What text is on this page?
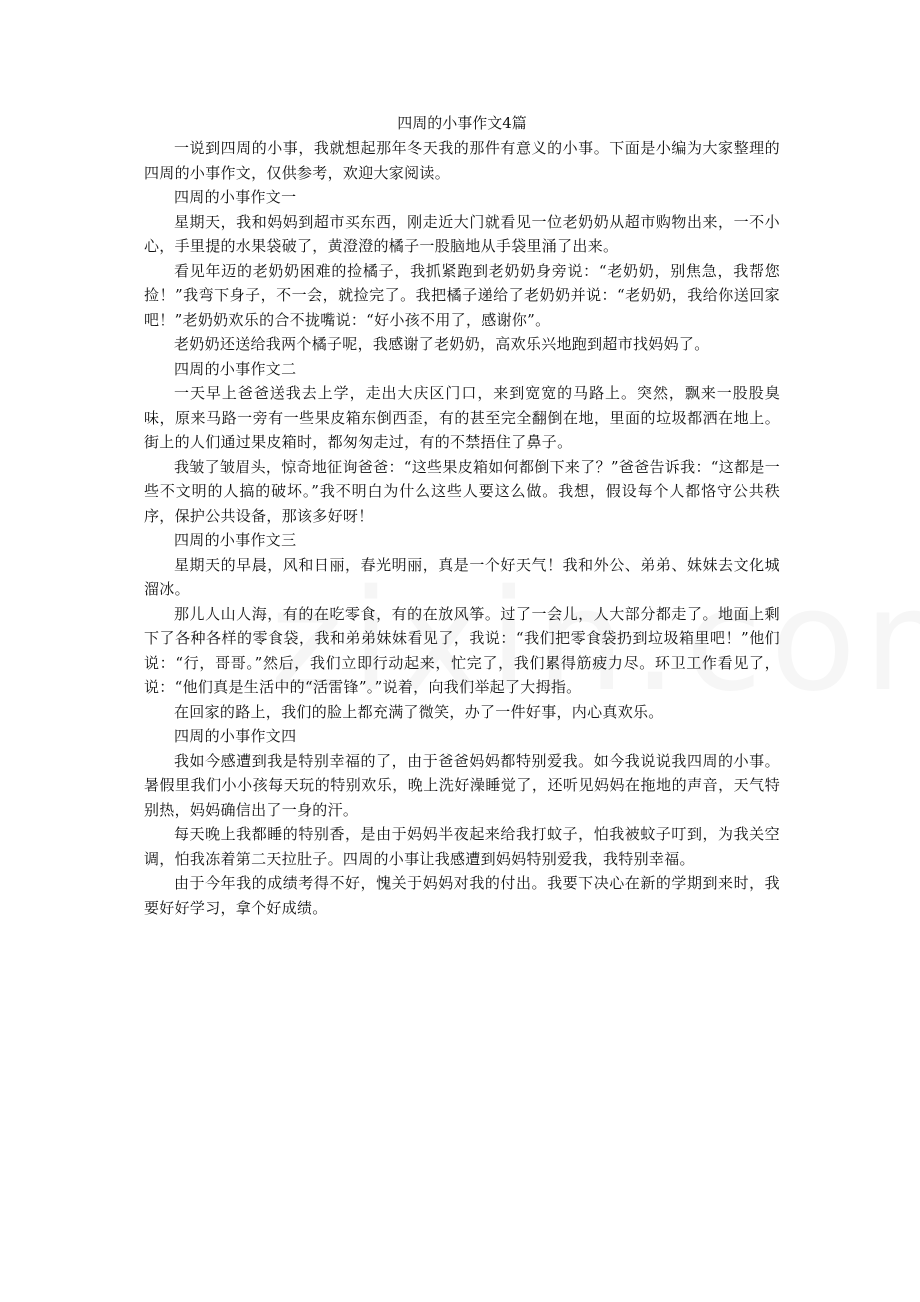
四周的小事作文4篇

一说到四周的小事，我就想起那年冬天我的那件有意义的小事。下面是小编为大家整理的四周的小事作文，仅供参考，欢迎大家阅读。

四周的小事作文一

星期天，我和妈妈到超市买东西，刚走近大门就看见一位老奶奶从超市购物出来，一不小心，手里提的水果袋破了，黄澄澄的橘子一股脑地从手袋里涌了出来。

看见年迈的老奶奶困难的捡橘子，我抓紧跑到老奶奶身旁说：“老奶奶，别焦急，我帮您捡！”我弯下身子，不一会，就捡完了。我把橘子递给了老奶奶并说：“老奶奶，我给你送回家吧！”老奶奶欢乐的合不拢嘴说：“好小孩不用了，感谢你”。

老奶奶还送给我两个橘子呢，我感谢了老奶奶，高欢乐兴地跑到超市找妈妈了。

四周的小事作文二

一天早上爸爸送我去上学，走出大庆区门口，来到宽宽的马路上。突然，飘来一股股臭味，原来马路一旁有一些果皮箱东倒西歪，有的甚至完全翻倒在地，里面的垃圾都洒在地上。街上的人们通过果皮箱时，都匆匆走过，有的不禁捂住了鼻子。

我皱了皱眉头，惊奇地征询爸爸：“这些果皮箱如何都倒下来了？”爸爸告诉我：“这都是一些不文明的人搞的破坏。”我不明白为什么这些人要这么做。我想，假设每个人都恪守公共秩序，保护公共设备，那该多好呀！

四周的小事作文三

星期天的早晨，风和日丽，春光明丽，真是一个好天气！我和外公、弟弟、妹妹去文化城溜冰。

那儿人山人海，有的在吃零食，有的在放风筝。过了一会儿，人大部分都走了。地面上剩下了各种各样的零食袋，我和弟弟妹妹看见了，我说：“我们把零食袋扔到垃圾箱里吧！”他们说：“行，哥哥。”然后，我们立即行动起来，忙完了，我们累得筋疲力尽。环卫工作看见了，说：“他们真是生活中的“活雷锋”。”说着，向我们举起了大拇指。

在回家的路上，我们的脸上都充满了微笑，办了一件好事，内心真欢乐。

四周的小事作文四

我如今感遭到我是特别幸福的了，由于爸爸妈妈都特别爱我。如今我说说我四周的小事。暑假里我们小小孩每天玩的特别欢乐，晚上洗好澡睡觉了，还听见妈妈在拖地的声音，天气特别热，妈妈确信出了一身的汗。

每天晚上我都睡的特别香，是由于妈妈半夜起来给我打蚊子，怕我被蚊子叮到，为我关空调，怕我冻着第二天拉肚子。四周的小事让我感遭到妈妈特别爱我，我特别幸福。

由于今年我的成绩考得不好，愧关于妈妈对我的付出。我要下决心在新的学期到来时，我要好好学习，拿个好成绩。
